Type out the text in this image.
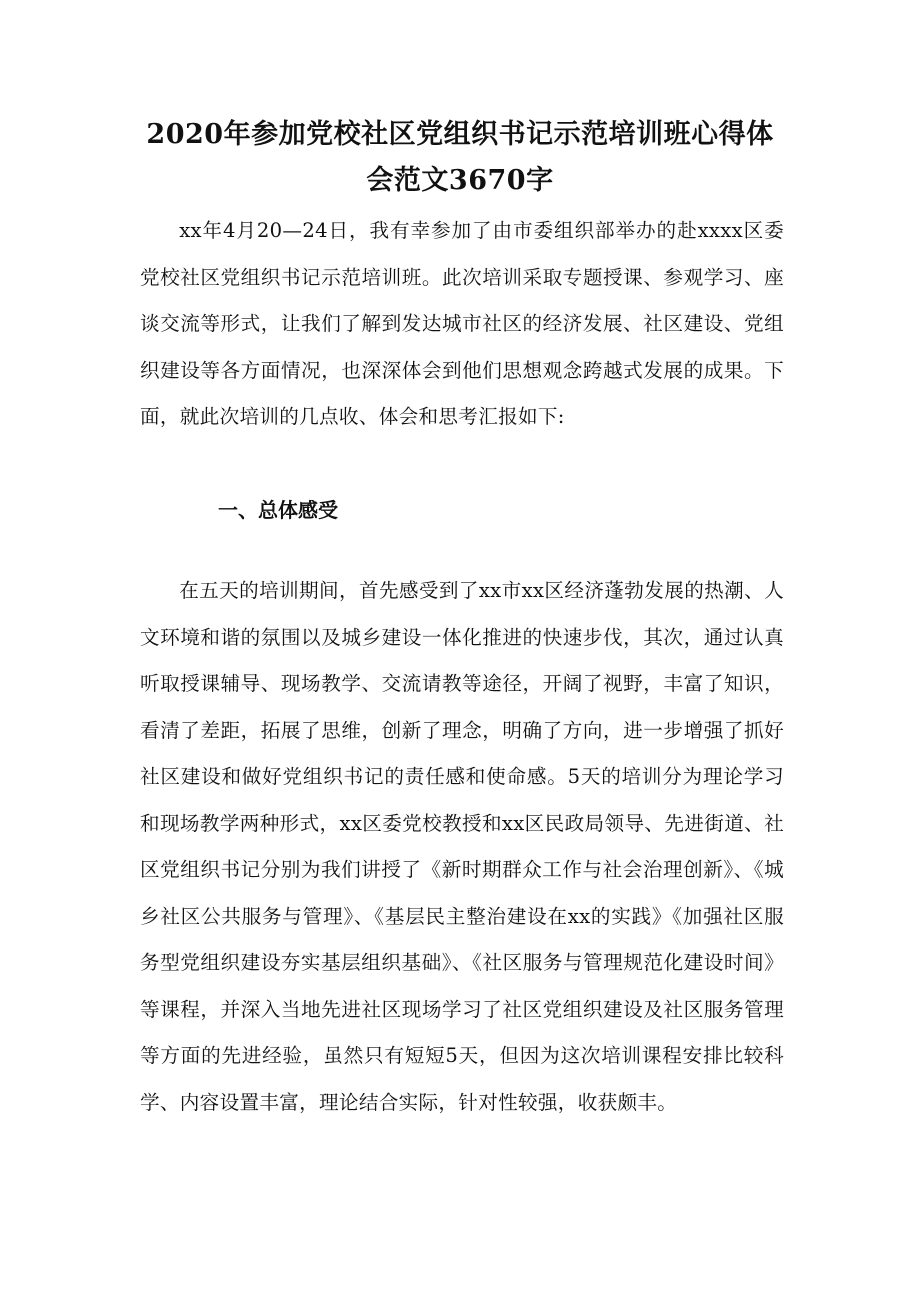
2020年参加党校社区党组织书记示范培训班心得体
会范文3670字

xx年4月20—24日，我有幸参加了由市委组织部举办的赴xxxx区委党校社区党组织书记示范培训班。此次培训采取专题授课、参观学习、座谈交流等形式，让我们了解到发达城市社区的经济发展、社区建设、党组织建设等各方面情况，也深深体会到他们思想观念跨越式发展的成果。下面，就此次培训的几点收、体会和思考汇报如下:

一、总体感受

在五天的培训期间，首先感受到了xx市xx区经济蓬勃发展的热潮、人文环境和谐的氛围以及城乡建设一体化推进的快速步伐，其次，通过认真听取授课辅导、现场教学、交流请教等途径，开阔了视野，丰富了知识，看清了差距，拓展了思维，创新了理念，明确了方向，进一步增强了抓好社区建设和做好党组织书记的责任感和使命感。5天的培训分为理论学习和现场教学两种形式，xx区委党校教授和xx区民政局领导、先进街道、社区党组织书记分别为我们讲授了《新时期群众工作与社会治理创新》、《城乡社区公共服务与管理》、《基层民主整治建设在xx的实践》《加强社区服务型党组织建设夯实基层组织基础》、《社区服务与管理规范化建设时间》等课程，并深入当地先进社区现场学习了社区党组织建设及社区服务管理等方面的先进经验，虽然只有短短5天，但因为这次培训课程安排比较科学、内容设置丰富，理论结合实际，针对性较强，收获颇丰。
